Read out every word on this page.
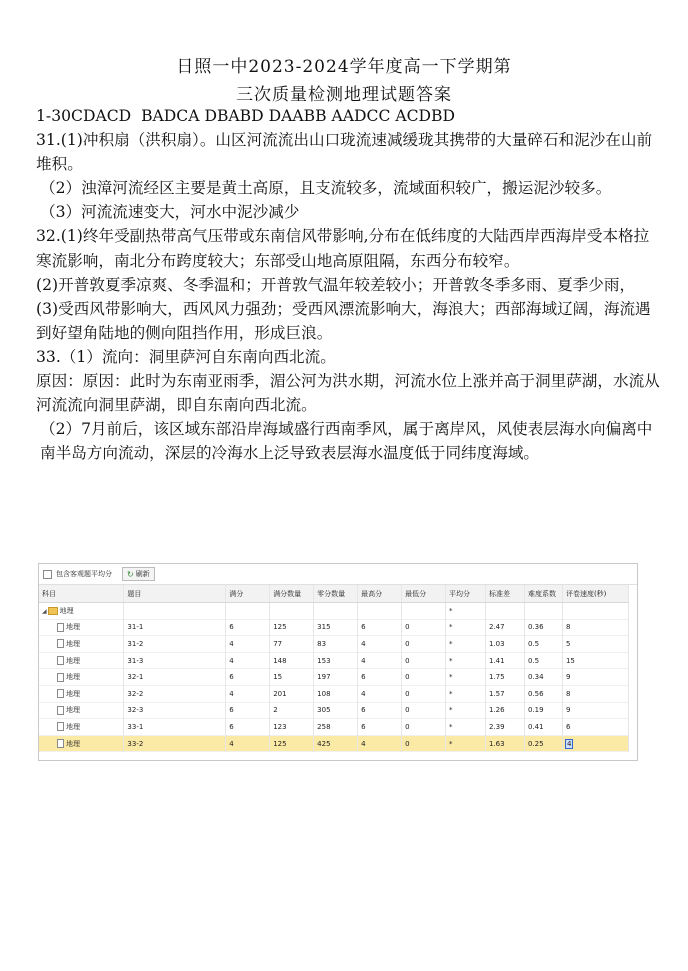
日照一中2023-2024学年度高一下学期第
三次质量检测地理试题答案

1-30CDACD  BADCA DBABD DAABB AADCC ACDBD

31.(1)冲积扇（洪积扇）。山区河流流出山口珑流速减缓珑其携带的大量碎石和泥沙在山前堆积。

（2）浊漳河流经区主要是黄土高原，且支流较多，流域面积较广，搬运泥沙较多。

（3）河流流速变大，河水中泥沙减少

32.(1)终年受副热带高气压带或东南信风带影响,分布在低纬度的大陆西岸西海岸受本格拉寒流影响，南北分布跨度较大；东部受山地高原阻隔，东西分布较窄。

(2)开普敦夏季凉爽、冬季温和；开普敦气温年较差较小；开普敦冬季多雨、夏季少雨，

(3)受西风带影响大，西风风力强劲；受西风漂流影响大，海浪大；西部海域辽阔，海流遇到好望角陆地的侧向阻挡作用，形成巨浪。

33.（1）流向：洞里萨河自东南向西北流。

原因：原因：此时为东南亚雨季，湄公河为洪水期，河流水位上涨并高于洞里萨湖，水流从河流流向洞里萨湖，即自东南向西北流。

（2）7月前后，该区域东部沿岸海域盛行西南季风，属于离岸风，风使表层海水向偏离中南半岛方向流动，深层的冷海水上泛导致表层海水温度低于同纬度海域。

包含客观题平均分 ↻ 刷新
科目	题目	满分	满分数量	零分数量	最高分	最低分	平均分	标准差	难度系数	评卷速度(秒)
◢ 地理							*			
地理	31-1	6	125	315	6	0	*	2.47	0.36	8
地理	31-2	4	77	83	4	0	*	1.03	0.5	5
地理	31-3	4	148	153	4	0	*	1.41	0.5	15
地理	32-1	6	15	197	6	0	*	1.75	0.34	9
地理	32-2	4	201	108	4	0	*	1.57	0.56	8
地理	32-3	6	2	305	6	0	*	1.26	0.19	9
地理	33-1	6	123	258	6	0	*	2.39	0.41	6
地理	33-2	4	125	425	4	0	*	1.63	0.25	4
